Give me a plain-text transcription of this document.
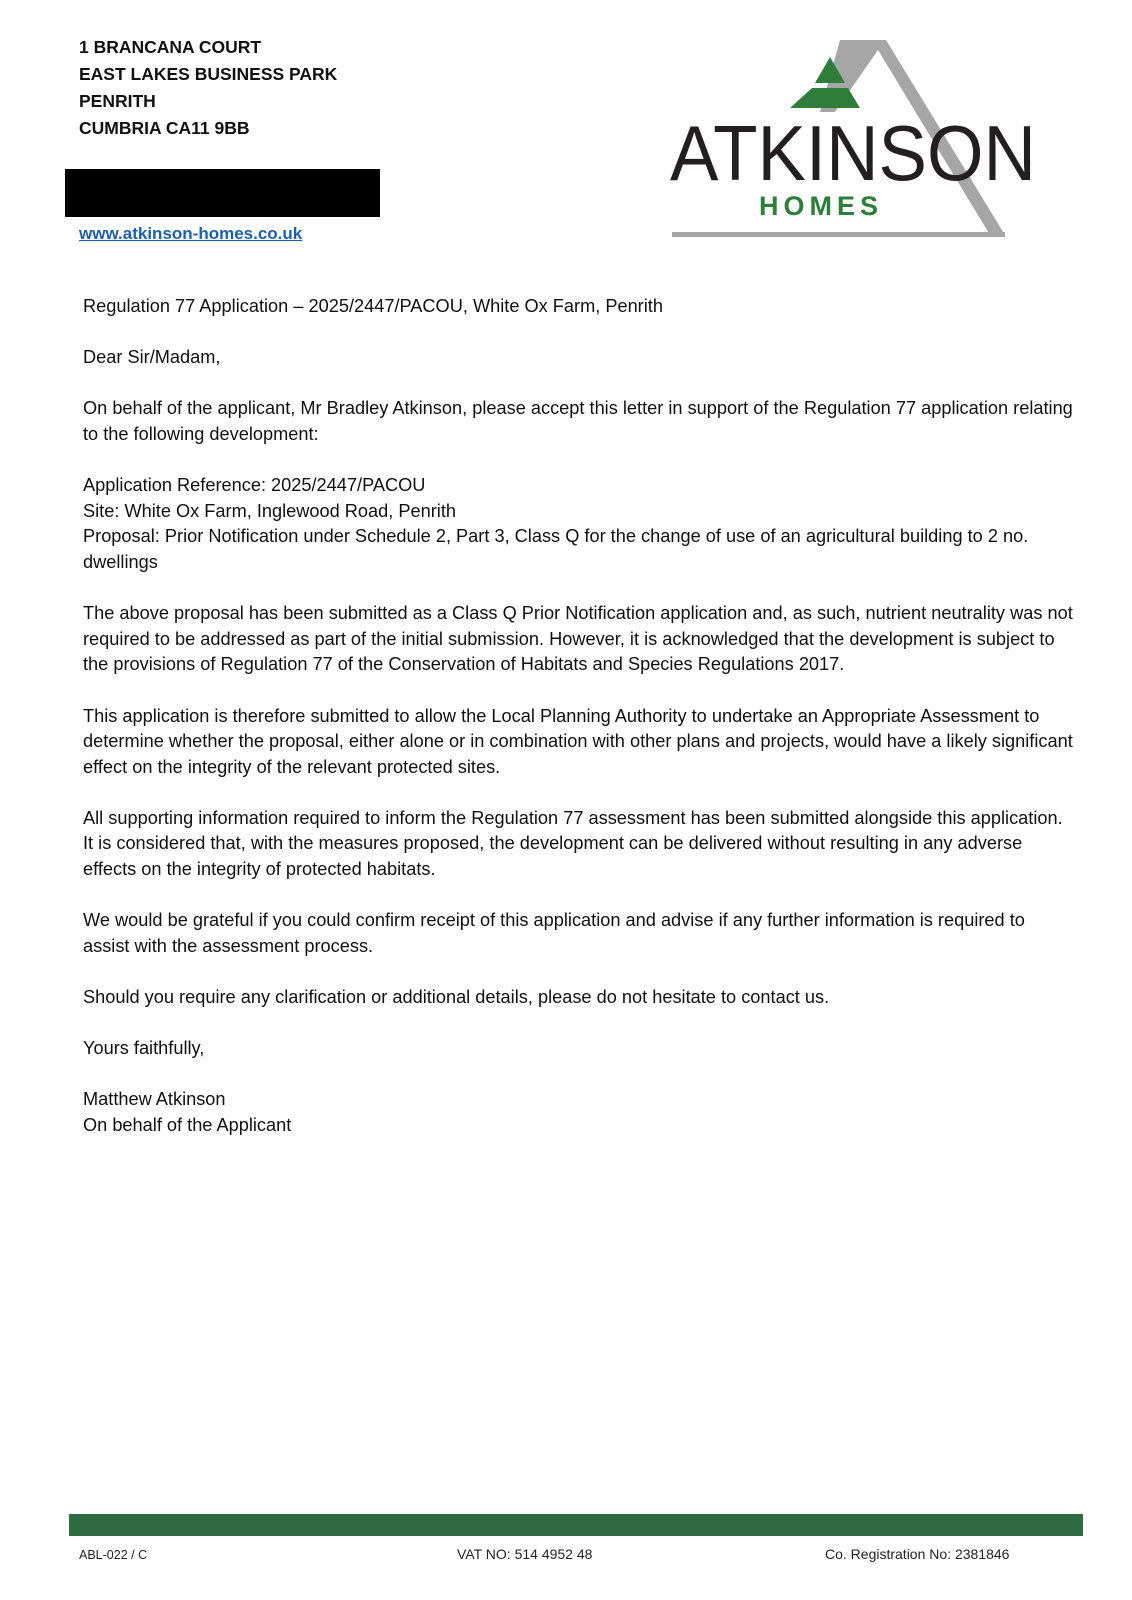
1 BRANCANA COURT
EAST LAKES BUSINESS PARK
PENRITH
CUMBRIA CA11 9BB
www.atkinson-homes.co.uk
ATKINSON
HOMES

Regulation 77 Application – 2025/2447/PACOU, White Ox Farm, Penrith

Dear Sir/Madam,

On behalf of the applicant, Mr Bradley Atkinson, please accept this letter in support of the Regulation 77 application relating to the following development:

Application Reference: 2025/2447/PACOU
Site: White Ox Farm, Inglewood Road, Penrith
Proposal: Prior Notification under Schedule 2, Part 3, Class Q for the change of use of an agricultural building to 2 no. dwellings

The above proposal has been submitted as a Class Q Prior Notification application and, as such, nutrient neutrality was not required to be addressed as part of the initial submission. However, it is acknowledged that the development is subject to the provisions of Regulation 77 of the Conservation of Habitats and Species Regulations 2017.

This application is therefore submitted to allow the Local Planning Authority to undertake an Appropriate Assessment to determine whether the proposal, either alone or in combination with other plans and projects, would have a likely significant effect on the integrity of the relevant protected sites.

All supporting information required to inform the Regulation 77 assessment has been submitted alongside this application. It is considered that, with the measures proposed, the development can be delivered without resulting in any adverse effects on the integrity of protected habitats.

We would be grateful if you could confirm receipt of this application and advise if any further information is required to assist with the assessment process.

Should you require any clarification or additional details, please do not hesitate to contact us.

Yours faithfully,

Matthew Atkinson
On behalf of the Applicant

ABL-022 / C	VAT NO: 514 4952 48	Co. Registration No: 2381846
